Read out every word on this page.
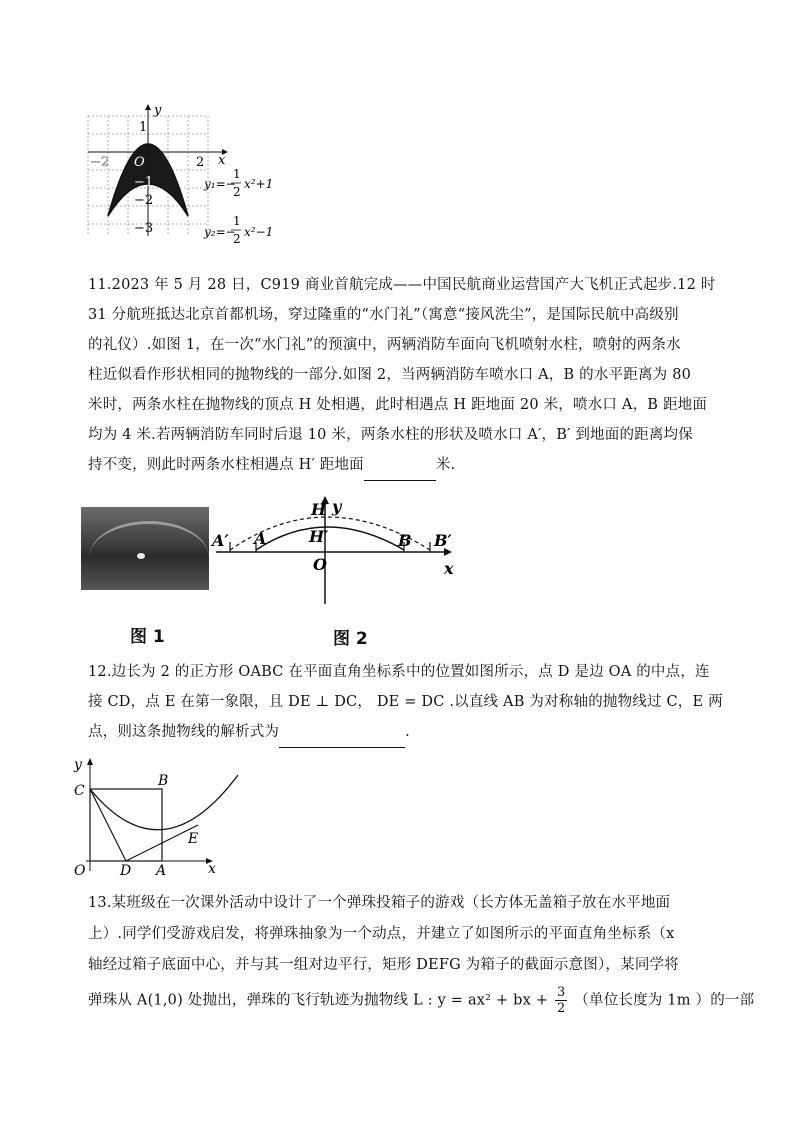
y
x
−2 O	2
1
−1
−2
−3
y₁=−
1
2
x²+1
y₂=−
1
2 x²−1
11.2023 年 5 月 28 日，C919 商业首航完成——中国民航商业运营国产大飞机正式起步.12 时
31 分航班抵达北京首都机场，穿过隆重的“水门礼”（寓意“接风洗尘”，是国际民航中高级别
的礼仪）.如图 1，在一次“水门礼”的预演中，两辆消防车面向飞机喷射水柱，喷射的两条水
柱近似看作形状相同的抛物线的一部分.如图 2，当两辆消防车喷水口 A，B 的水平距离为 80
米时，两条水柱在抛物线的顶点 H 处相遇，此时相遇点 H 距地面 20 米，喷水口 A，B 距地面
均为 4 米.若两辆消防车同时后退 10 米，两条水柱的形状及喷水口 A′，B′ 到地面的距离均保
持不变，则此时两条水柱相遇点 H′ 距地面	米.
图 1
A′ A
H
H′
y
O
B B′
x
图 2
12.边长为 2 的正方形 OABC 在平面直角坐标系中的位置如图所示，点 D 是边 OA 的中点，连
接 CD，点 E 在第一象限，且 DE ⊥ DC， DE = DC .以直线 AB 为对称轴的抛物线过 C，E 两
点，则这条抛物线的解析式为	.
y
C
B
E
O D A	x
13.某班级在一次课外活动中设计了一个弹珠投箱子的游戏（长方体无盖箱子放在水平地面
上）.同学们受游戏启发，将弹珠抽象为一个动点，并建立了如图所示的平面直角坐标系（x
轴经过箱子底面中心，并与其一组对边平行，矩形 DEFG 为箱子的截面示意图），某同学将
弹珠从 A(1,0) 处抛出，弹珠的飞行轨迹为抛物线 L : y = ax² + bx + $\frac{3}{2}$ （单位长度为 1m ）的一部
